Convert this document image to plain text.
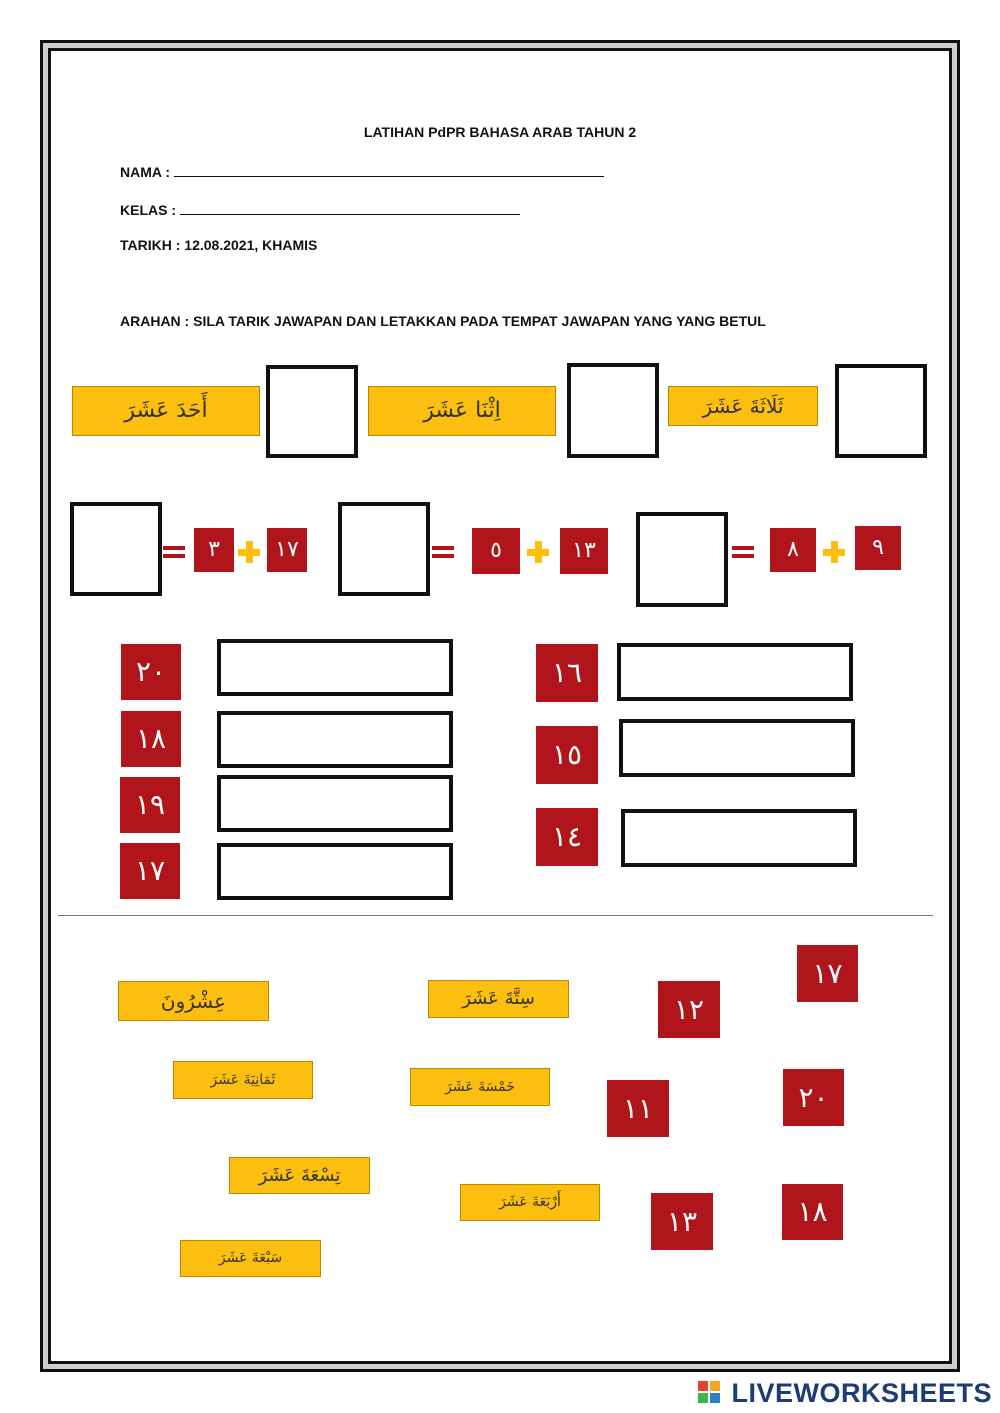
LATIHAN PdPR BAHASA ARAB TAHUN 2
NAMA :
KELAS :
TARIKH : 12.08.2021, KHAMIS
ARAHAN : SILA TARIK JAWAPAN DAN LETAKKAN PADA TEMPAT JAWAPAN YANG YANG BETUL
أَحَدَ عَشَرَ	اِثْنَا عَشَرَ	ثَلَاثَةَ عَشَرَ
٣	١٧	٥	١٣	٨	٩
٢٠
١٨
١٩
١٧
١٦
١٥
١٤
عِشْرُونَ	سِتَّةَ عَشَرَ
ثَمَانِيَةَ عَشَرَ	خَمْسَةَ عَشَرَ
تِسْعَةَ عَشَرَ
أَرْبَعَةَ عَشَرَ
سَبْعَةَ عَشَرَ
١٧
١٢
١١	٢٠
١٣	١٨
LIVEWORKSHEETS
